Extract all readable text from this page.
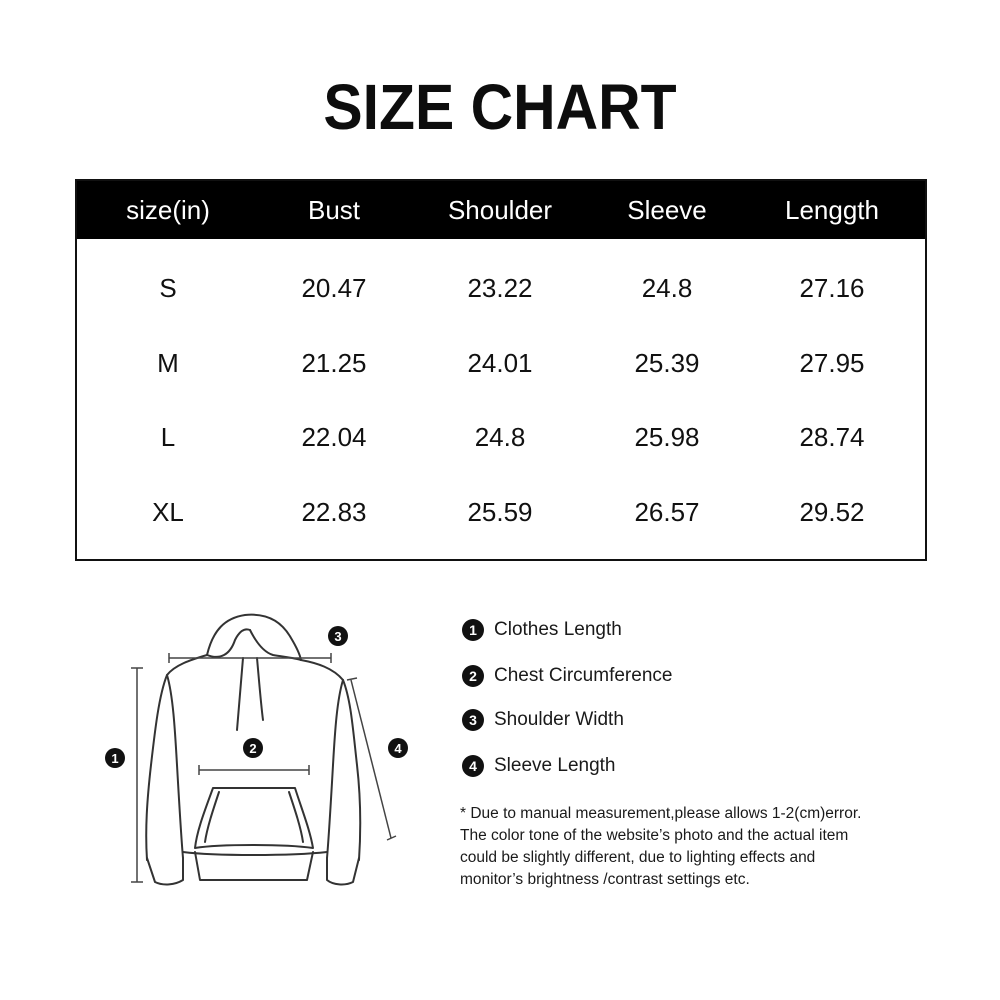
SIZE CHART
size(in)	Bust	Shoulder	Sleeve	Lenggth
S	20.47	23.22	24.8	27.16
M	21.25	24.01	25.39	27.95
L	22.04	24.8	25.98	28.74
XL	22.83	25.59	26.57	29.52
1
2
3
4
1 Clothes Length
2 Chest Circumference
3 Shoulder Width
4 Sleeve Length
* Due to manual measurement,please allows 1-2(cm)error.
The color tone of the website’s photo and the actual item
could be slightly different, due to lighting effects and
monitor’s brightness /contrast settings etc.
